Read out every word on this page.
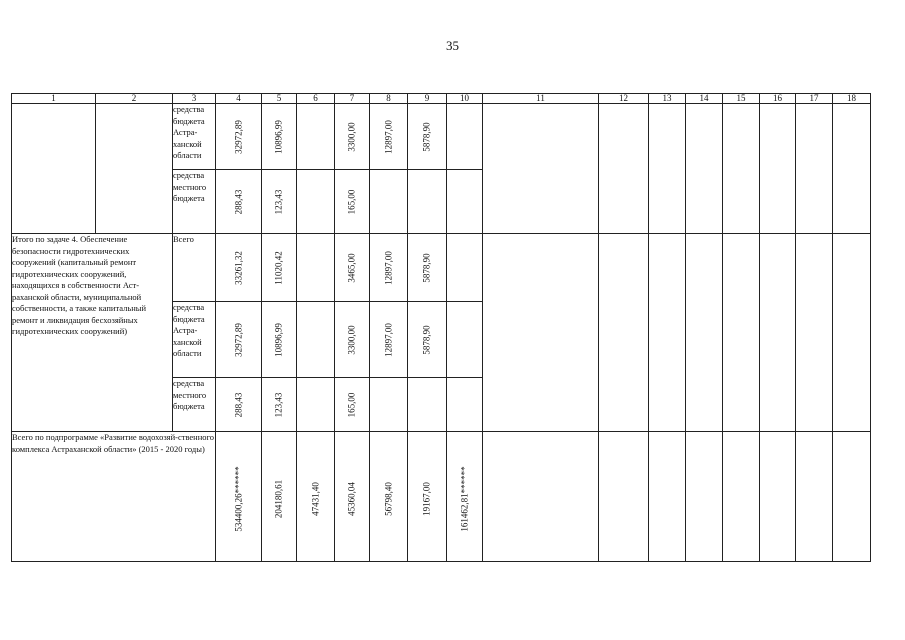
35
1	2	3	4	5	6	7	8	9	10	11	12	13	14	15	16	17	18
		средства бюджета Астра-ханской области	32972,89	10896,99		3300,00	12897,00	5878,90									

		средства местного бюджета	288,43	123,43		165,00											

Итого по задаче 4. Обеспечение безопасности гидротехнических сооружений (капитальный ремонт гидротехнических сооружений, находящихся в собственности Аст-раханской области, муниципальной собственности, а также капитальный ремонт и ликвидация бесхозяйных гидротехнических сооружений)		Всего	33261,32	11020,42		3465,00	12897,00	5878,90									

		средства бюджета Астра-ханской области	32972,89	10896,99		3300,00	12897,00	5878,90									

		средства местного бюджета	288,43	123,43		165,00											

Всего по подпрограмме «Развитие водохозяй-ственного комплекса Астраханской области» (2015 - 2020 годы)			534400,26******	204180,61	47431,40	45360,04	56798,40	19167,00	161462,81******								
